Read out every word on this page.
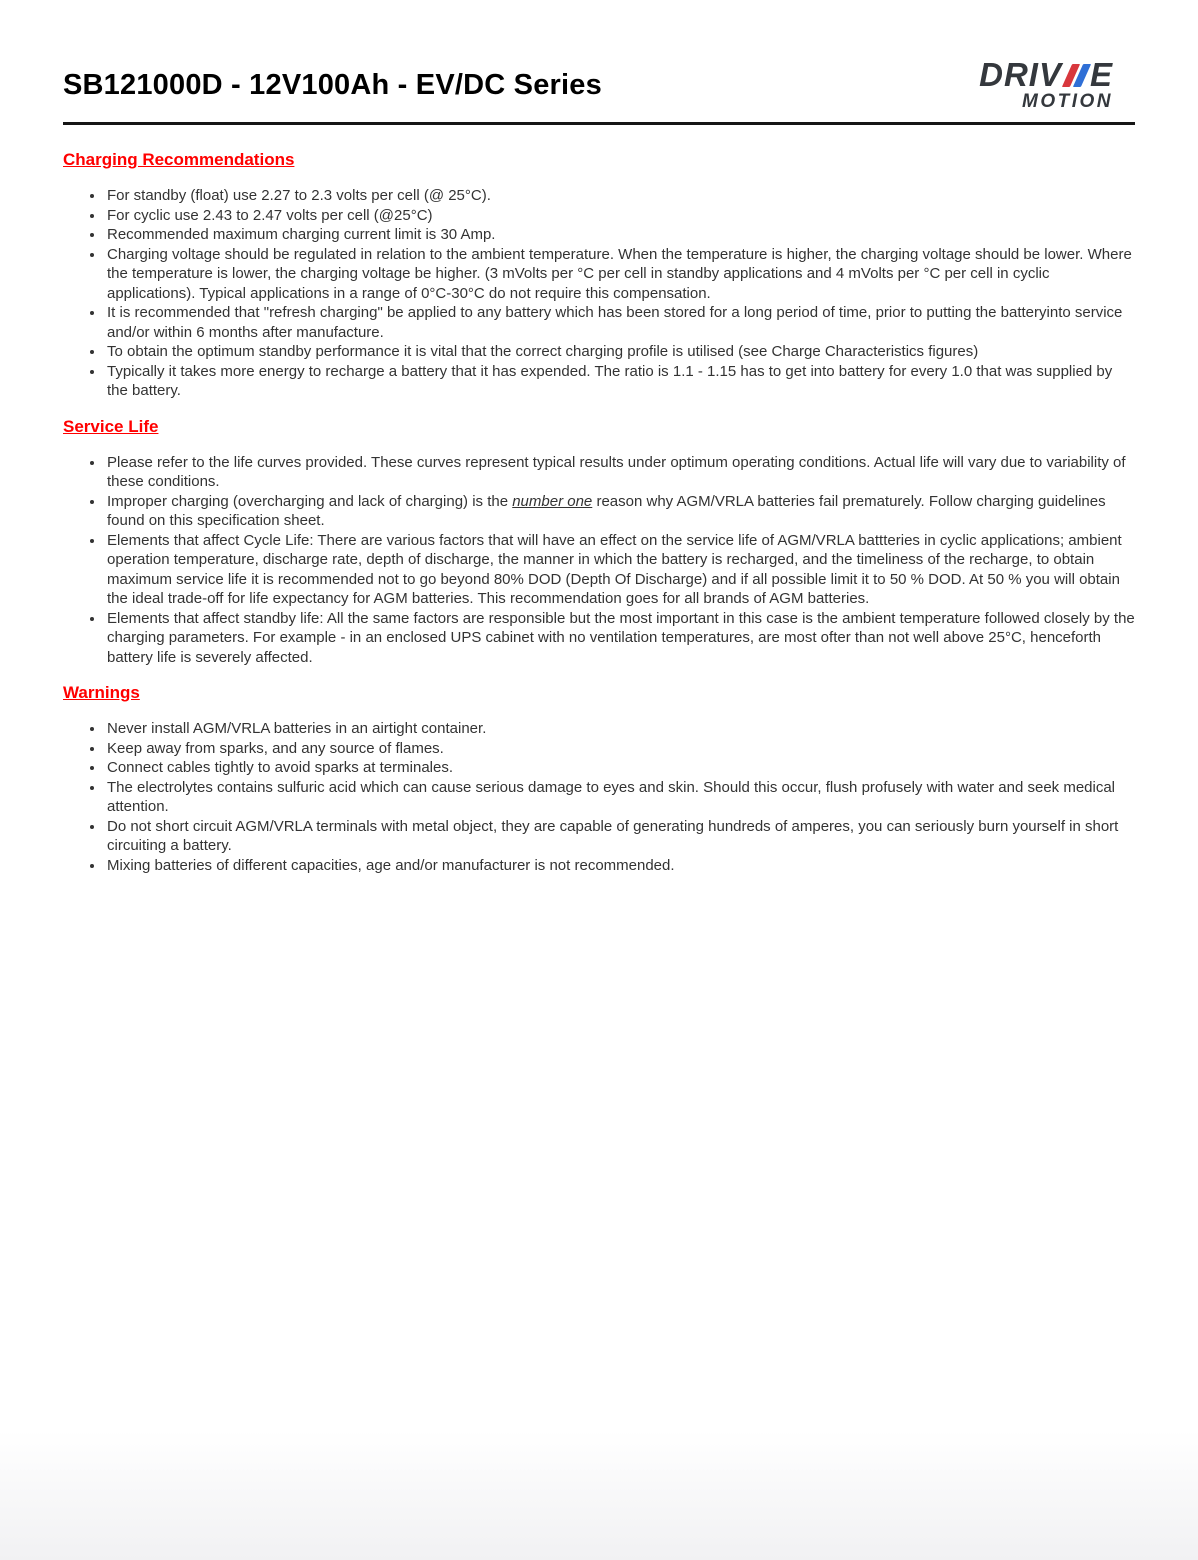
SB121000D - 12V100Ah - EV/DC Series	DRIV E
MOTION
Charging Recommendations
• For standby (float) use 2.27 to 2.3 volts per cell (@ 25°C).
• For cyclic use 2.43 to 2.47 volts per cell (@25°C)
• Recommended maximum charging current limit is 30 Amp.
• Charging voltage should be regulated in relation to the ambient temperature. When the temperature is higher, the charging voltage should be lower. Where the temperature is lower, the charging voltage be higher. (3 mVolts per °C per cell in standby applications and 4 mVolts per °C per cell in cyclic applications). Typical applications in a range of 0°C-30°C do not require this compensation.
• It is recommended that "refresh charging" be applied to any battery which has been stored for a long period of time, prior to putting the batteryinto service and/or within 6 months after manufacture.
• To obtain the optimum standby performance it is vital that the correct charging profile is utilised (see Charge Characteristics figures)
• Typically it takes more energy to recharge a battery that it has expended. The ratio is 1.1 - 1.15 has to get into battery for every 1.0 that was supplied by the battery.
Service Life
• Please refer to the life curves provided. These curves represent typical results under optimum operating conditions. Actual life will vary due to variability of these conditions.
• Improper charging (overcharging and lack of charging) is the number one reason why AGM/VRLA batteries fail prematurely. Follow charging guidelines found on this specification sheet.
• Elements that affect Cycle Life: There are various factors that will have an effect on the service life of AGM/VRLA battteries in cyclic applications; ambient operation temperature, discharge rate, depth of discharge, the manner in which the battery is recharged, and the timeliness of the recharge, to obtain maximum service life it is recommended not to go beyond 80% DOD (Depth Of Discharge) and if all possible limit it to 50 % DOD. At 50 % you will obtain the ideal trade-off for life expectancy for AGM batteries. This recommendation goes for all brands of AGM batteries.
• Elements that affect standby life: All the same factors are responsible but the most important in this case is the ambient temperature followed closely by the charging parameters. For example - in an enclosed UPS cabinet with no ventilation temperatures, are most ofter than not well above 25°C, henceforth battery life is severely affected.
Warnings
• Never install AGM/VRLA batteries in an airtight container.
• Keep away from sparks, and any source of flames.
• Connect cables tightly to avoid sparks at terminales.
• The electrolytes contains sulfuric acid which can cause serious damage to eyes and skin. Should this occur, flush profusely with water and seek medical attention.
• Do not short circuit AGM/VRLA terminals with metal object, they are capable of generating hundreds of amperes, you can seriously burn yourself in short circuiting a battery.
• Mixing batteries of different capacities, age and/or manufacturer is not recommended.
